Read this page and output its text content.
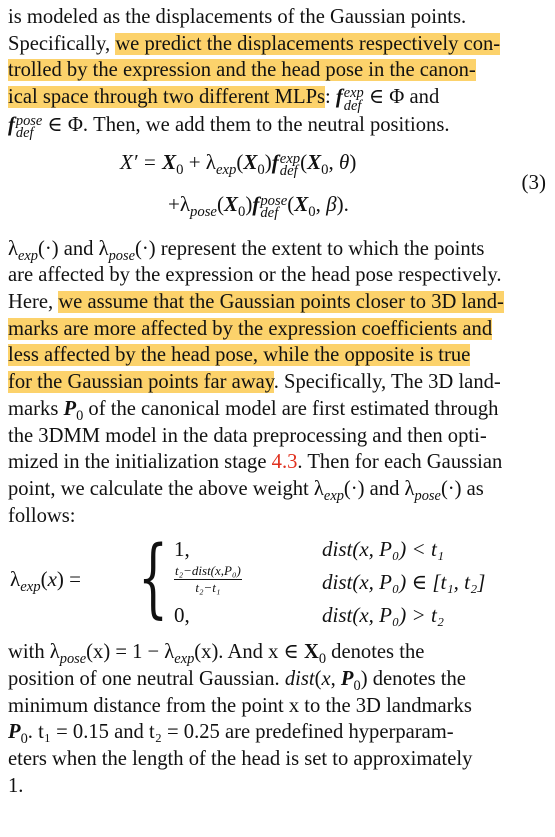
is modeled as the displacements of the Gaussian points.
Specifically, we predict the displacements respectively con-
trolled by the expression and the head pose in the canon-
ical space through two different MLPs: f exp
def ∈ Φ and
f pose
def ∈ Φ. Then, we add them to the neutral positions.

$X' = X_0 + \lambda_{exp}(X_0)f$ exp
def ($X_0$, θ)
$+\lambda_{pose}(X_0)f$ pose
def ($X_0$, β).
(3)

$\lambda_{exp}(\cdot)$ and $\lambda_{pose}(\cdot)$ represent the extent to which the points
are affected by the expression or the head pose respectively.
Here, we assume that the Gaussian points closer to 3D land-
marks are more affected by the expression coefficients and
less affected by the head pose, while the opposite is true
for the Gaussian points far away. Specifically, The 3D land-
marks $P_0$ of the canonical model are first estimated through
the 3DMM model in the data preprocessing and then opti-
mized in the initialization stage 4.3. Then for each Gaussian
point, we calculate the above weight $\lambda_{exp}(\cdot)$ and $\lambda_{pose}(\cdot)$ as
follows:

$\lambda_{exp}(x)$ = { 1,
t₂−dist(x,P₀)
t₂−t₁
0,
dist(x, P₀) < t₁
dist(x, P₀) ∈ [t₁, t₂]
dist(x, P₀) > t₂

with $\lambda_{pose}(x) = 1 - \lambda_{exp}(x)$. And x ∈ $X_0$ denotes the
position of one neutral Gaussian. dist(x, $P_0$) denotes the
minimum distance from the point x to the 3D landmarks
$P_0$. t₁ = 0.15 and t₂ = 0.25 are predefined hyperparam-
eters when the length of the head is set to approximately
1.
